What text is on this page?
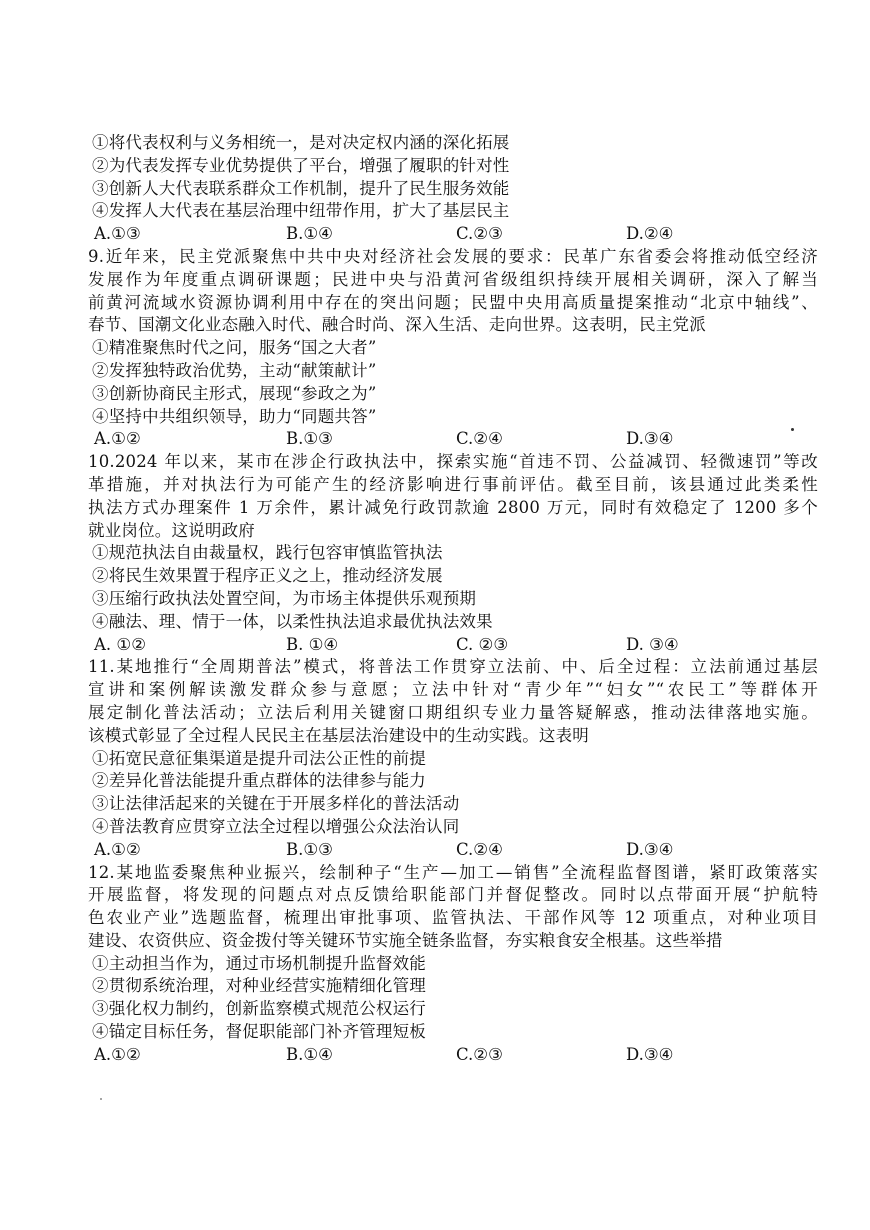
①将代表权利与义务相统一，是对决定权内涵的深化拓展
②为代表发挥专业优势提供了平台，增强了履职的针对性
③创新人大代表联系群众工作机制，提升了民生服务效能
④发挥人大代表在基层治理中纽带作用，扩大了基层民主
A.①③	B.①④	C.②③	D.②④
9.近年来，民主党派聚焦中共中央对经济社会发展的要求：民革广东省委会将推动低空经济
发展作为年度重点调研课题；民进中央与沿黄河省级组织持续开展相关调研，深入了解当
前黄河流域水资源协调利用中存在的突出问题；民盟中央用高质量提案推动“北京中轴线”、
春节、国潮文化业态融入时代、融合时尚、深入生活、走向世界。这表明，民主党派
①精准聚焦时代之问，服务“国之大者”
②发挥独特政治优势，主动“献策献计”
③创新协商民主形式，展现“参政之为”
④坚持中共组织领导，助力“同题共答”
A.①②	B.①③	C.②④	D.③④
10.2024 年以来，某市在涉企行政执法中，探索实施“首违不罚、公益减罚、轻微速罚”等改
革措施，并对执法行为可能产生的经济影响进行事前评估。截至目前，该县通过此类柔性
执法方式办理案件 1 万余件，累计减免行政罚款逾 2800 万元，同时有效稳定了 1200 多个
就业岗位。这说明政府
①规范执法自由裁量权，践行包容审慎监管执法
②将民生效果置于程序正义之上，推动经济发展
③压缩行政执法处置空间，为市场主体提供乐观预期
④融法、理、情于一体，以柔性执法追求最优执法效果
A. ①②	B. ①④	C. ②③	D. ③④
11.某地推行“全周期普法”模式，将普法工作贯穿立法前、中、后全过程：立法前通过基层
宣讲和案例解读激发群众参与意愿；立法中针对“青少年”“妇女”“农民工”等群体开
展定制化普法活动；立法后利用关键窗口期组织专业力量答疑解惑，推动法律落地实施。
该模式彰显了全过程人民民主在基层法治建设中的生动实践。这表明
①拓宽民意征集渠道是提升司法公正性的前提
②差异化普法能提升重点群体的法律参与能力
③让法律活起来的关键在于开展多样化的普法活动
④普法教育应贯穿立法全过程以增强公众法治认同
A.①②	B.①③	C.②④	D.③④
12.某地监委聚焦种业振兴，绘制种子“生产—加工—销售”全流程监督图谱，紧盯政策落实
开展监督，将发现的问题点对点反馈给职能部门并督促整改。同时以点带面开展“护航特
色农业产业”选题监督，梳理出审批事项、监管执法、干部作风等 12 项重点，对种业项目
建设、农资供应、资金拨付等关键环节实施全链条监督，夯实粮食安全根基。这些举措
①主动担当作为，通过市场机制提升监督效能
②贯彻系统治理，对种业经营实施精细化管理
③强化权力制约，创新监察模式规范公权运行
④锚定目标任务，督促职能部门补齐管理短板
A.①②	B.①④	C.②③	D.③④
